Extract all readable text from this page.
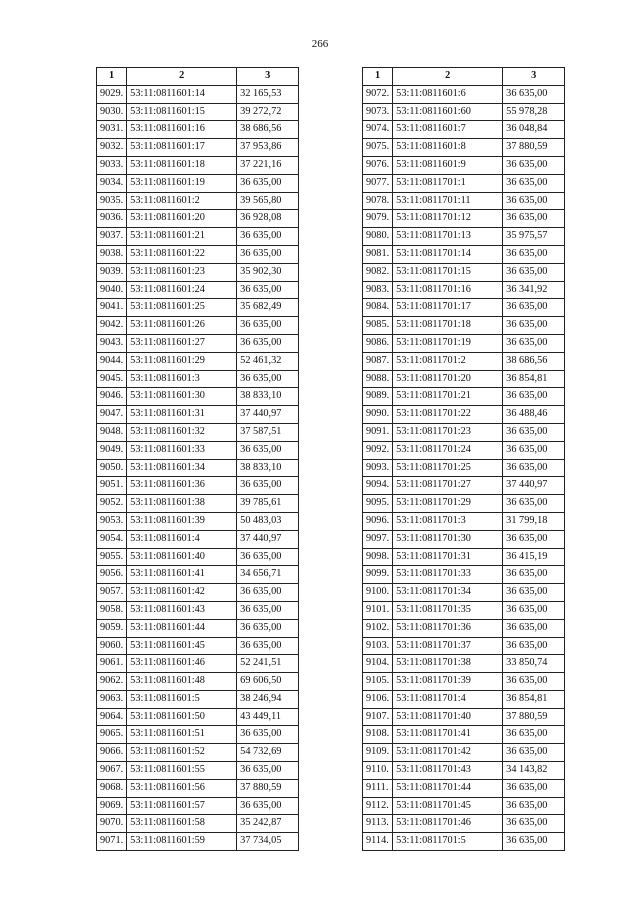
266
1	2	3
9029.	53:11:0811601:14	32 165,53
9030.	53:11:0811601:15	39 272,72
9031.	53:11:0811601:16	38 686,56
9032.	53:11:0811601:17	37 953,86
9033.	53:11:0811601:18	37 221,16
9034.	53:11:0811601:19	36 635,00
9035.	53:11:0811601:2	39 565,80
9036.	53:11:0811601:20	36 928,08
9037.	53:11:0811601:21	36 635,00
9038.	53:11:0811601:22	36 635,00
9039.	53:11:0811601:23	35 902,30
9040.	53:11:0811601:24	36 635,00
9041.	53:11:0811601:25	35 682,49
9042.	53:11:0811601:26	36 635,00
9043.	53:11:0811601:27	36 635,00
9044.	53:11:0811601:29	52 461,32
9045.	53:11:0811601:3	36 635,00
9046.	53:11:0811601:30	38 833,10
9047.	53:11:0811601:31	37 440,97
9048.	53:11:0811601:32	37 587,51
9049.	53:11:0811601:33	36 635,00
9050.	53:11:0811601:34	38 833,10
9051.	53:11:0811601:36	36 635,00
9052.	53:11:0811601:38	39 785,61
9053.	53:11:0811601:39	50 483,03
9054.	53:11:0811601:4	37 440,97
9055.	53:11:0811601:40	36 635,00
9056.	53:11:0811601:41	34 656,71
9057.	53:11:0811601:42	36 635,00
9058.	53:11:0811601:43	36 635,00
9059.	53:11:0811601:44	36 635,00
9060.	53:11:0811601:45	36 635,00
9061.	53:11:0811601:46	52 241,51
9062.	53:11:0811601:48	69 606,50
9063.	53:11:0811601:5	38 246,94
9064.	53:11:0811601:50	43 449,11
9065.	53:11:0811601:51	36 635,00
9066.	53:11:0811601:52	54 732,69
9067.	53:11:0811601:55	36 635,00
9068.	53:11:0811601:56	37 880,59
9069.	53:11:0811601:57	36 635,00
9070.	53:11:0811601:58	35 242,87
9071.	53:11:0811601:59	37 734,05
1	2	3
9072.	53:11:0811601:6	36 635,00
9073.	53:11:0811601:60	55 978,28
9074.	53:11:0811601:7	36 048,84
9075.	53:11:0811601:8	37 880,59
9076.	53:11:0811601:9	36 635,00
9077.	53:11:0811701:1	36 635,00
9078.	53:11:0811701:11	36 635,00
9079.	53:11:0811701:12	36 635,00
9080.	53:11:0811701:13	35 975,57
9081.	53:11:0811701:14	36 635,00
9082.	53:11:0811701:15	36 635,00
9083.	53:11:0811701:16	36 341,92
9084.	53:11:0811701:17	36 635,00
9085.	53:11:0811701:18	36 635,00
9086.	53:11:0811701:19	36 635,00
9087.	53:11:0811701:2	38 686,56
9088.	53:11:0811701:20	36 854,81
9089.	53:11:0811701:21	36 635,00
9090.	53:11:0811701:22	36 488,46
9091.	53:11:0811701:23	36 635,00
9092.	53:11:0811701:24	36 635,00
9093.	53:11:0811701:25	36 635,00
9094.	53:11:0811701:27	37 440,97
9095.	53:11:0811701:29	36 635,00
9096.	53:11:0811701:3	31 799,18
9097.	53:11:0811701:30	36 635,00
9098.	53:11:0811701:31	36 415,19
9099.	53:11:0811701:33	36 635,00
9100.	53:11:0811701:34	36 635,00
9101.	53:11:0811701:35	36 635,00
9102.	53:11:0811701:36	36 635,00
9103.	53:11:0811701:37	36 635,00
9104.	53:11:0811701:38	33 850,74
9105.	53:11:0811701:39	36 635,00
9106.	53:11:0811701:4	36 854,81
9107.	53:11:0811701:40	37 880,59
9108.	53:11:0811701:41	36 635,00
9109.	53:11:0811701:42	36 635,00
9110.	53:11:0811701:43	34 143,82
9111.	53:11:0811701:44	36 635,00
9112.	53:11:0811701:45	36 635,00
9113.	53:11:0811701:46	36 635,00
9114.	53:11:0811701:5	36 635,00
